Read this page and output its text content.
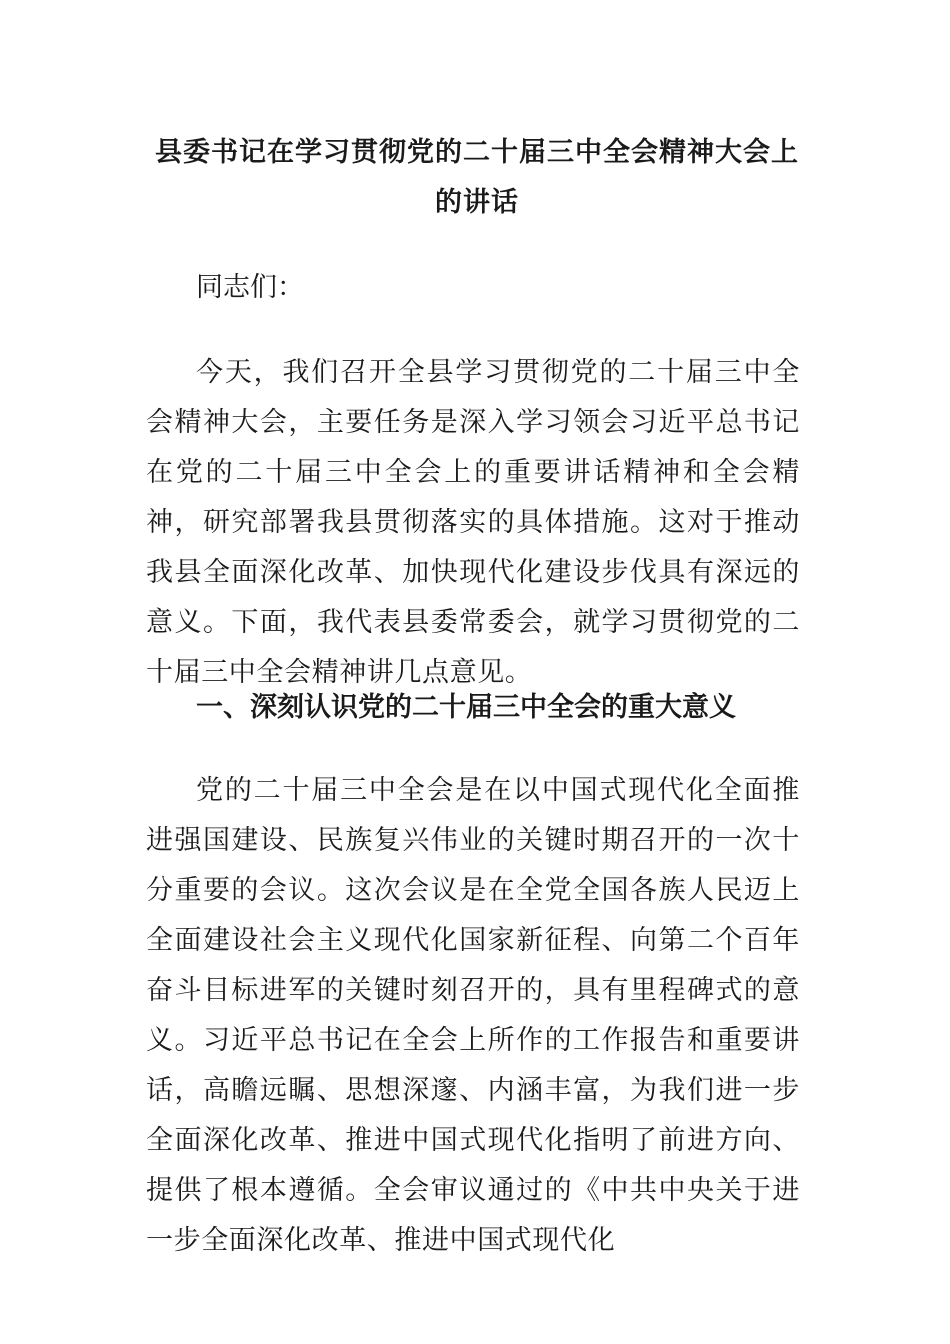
县委书记在学习贯彻党的二十届三中全会精神大会上的讲话

同志们：

今天，我们召开全县学习贯彻党的二十届三中全会精神大会，主要任务是深入学习领会习近平总书记在党的二十届三中全会上的重要讲话精神和全会精神，研究部署我县贯彻落实的具体措施。这对于推动我县全面深化改革、加快现代化建设步伐具有深远的意义。下面，我代表县委常委会，就学习贯彻党的二十届三中全会精神讲几点意见。

一、深刻认识党的二十届三中全会的重大意义

党的二十届三中全会是在以中国式现代化全面推进强国建设、民族复兴伟业的关键时期召开的一次十分重要的会议。这次会议是在全党全国各族人民迈上全面建设社会主义现代化国家新征程、向第二个百年奋斗目标进军的关键时刻召开的，具有里程碑式的意义。习近平总书记在全会上所作的工作报告和重要讲话，高瞻远瞩、思想深邃、内涵丰富，为我们进一步全面深化改革、推进中国式现代化指明了前进方向、提供了根本遵循。全会审议通过的《中共中央关于进一步全面深化改革、推进中国式现代化
